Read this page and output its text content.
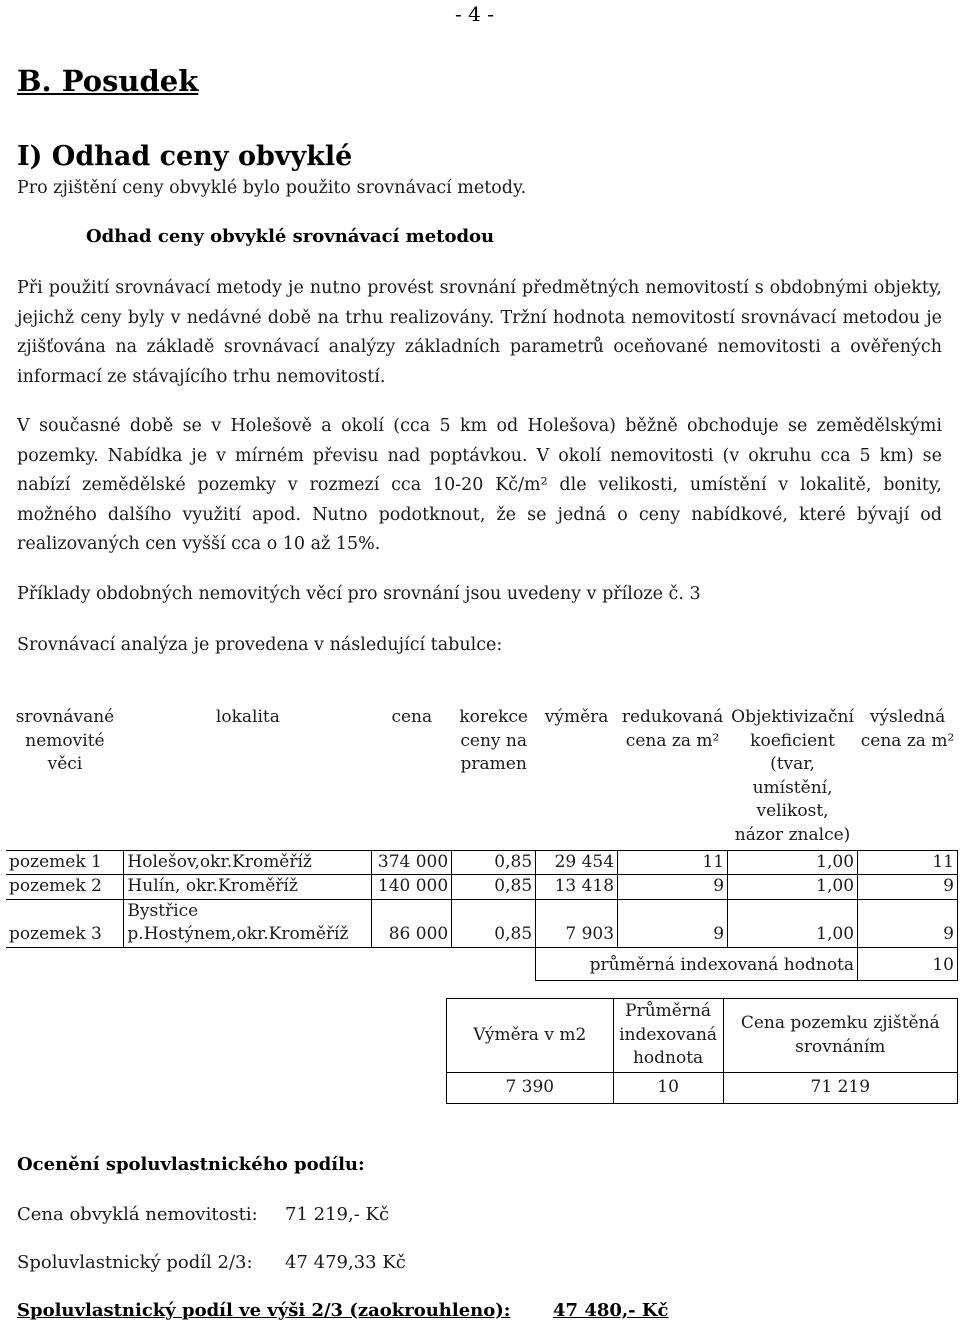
- 4 -
B. Posudek
I) Odhad ceny obvyklé
Pro zjištění ceny obvyklé bylo použito srovnávací metody.
Odhad ceny obvyklé srovnávací metodou
Při použití srovnávací metody je nutno provést srovnání předmětných nemovitostí s obdobnými objekty, jejichž ceny byly v nedávné době na trhu realizovány. Tržní hodnota nemovitostí srovnávací metodou je zjišťována na základě srovnávací analýzy základních parametrů oceňované nemovitosti a ověřených informací ze stávajícího trhu nemovitostí.
V současné době se v Holešově a okolí (cca 5 km od Holešova) běžně obchoduje se zemědělskými pozemky. Nabídka je v mírném převisu nad poptávkou. V okolí nemovitosti (v okruhu cca 5 km) se nabízí zemědělské pozemky v rozmezí cca 10-20 Kč/m² dle velikosti, umístění v lokalitě, bonity, možného dalšího využití apod. Nutno podotknout, že se jedná o ceny nabídkové, které bývají od realizovaných cen vyšší cca o 10 až 15%.
Příklady obdobných nemovitých věcí pro srovnání jsou uvedeny v příloze č. 3
Srovnávací analýza je provedena v následující tabulce:
srovnávané nemovité věci	lokalita	cena	korekce ceny na pramen	výměra	redukovaná cena za m²	Objektivizační koeficient (tvar, umístění, velikost, názor znalce)	výsledná cena za m²
pozemek 1	Holešov,okr.Kroměříž	374 000	0,85	29 454	11	1,00	11
pozemek 2	Hulín, okr.Kroměříž	140 000	0,85	13 418	9	1,00	9
pozemek 3	Bystřice p.Hostýnem,okr.Kroměříž	86 000	0,85	7 903	9	1,00	9
				průměrná indexovaná hodnota			10
Výměra v m2	Průměrná indexovaná hodnota	Cena pozemku zjištěná srovnáním
7 390	10	71 219
Ocenění spoluvlastnického podílu:
Cena obvyklá nemovitosti: 71 219,- Kč
Spoluvlastnický podíl 2/3: 47 479,33 Kč
Spoluvlastnický podíl ve výši 2/3 (zaokrouhleno): 47 480,- Kč
